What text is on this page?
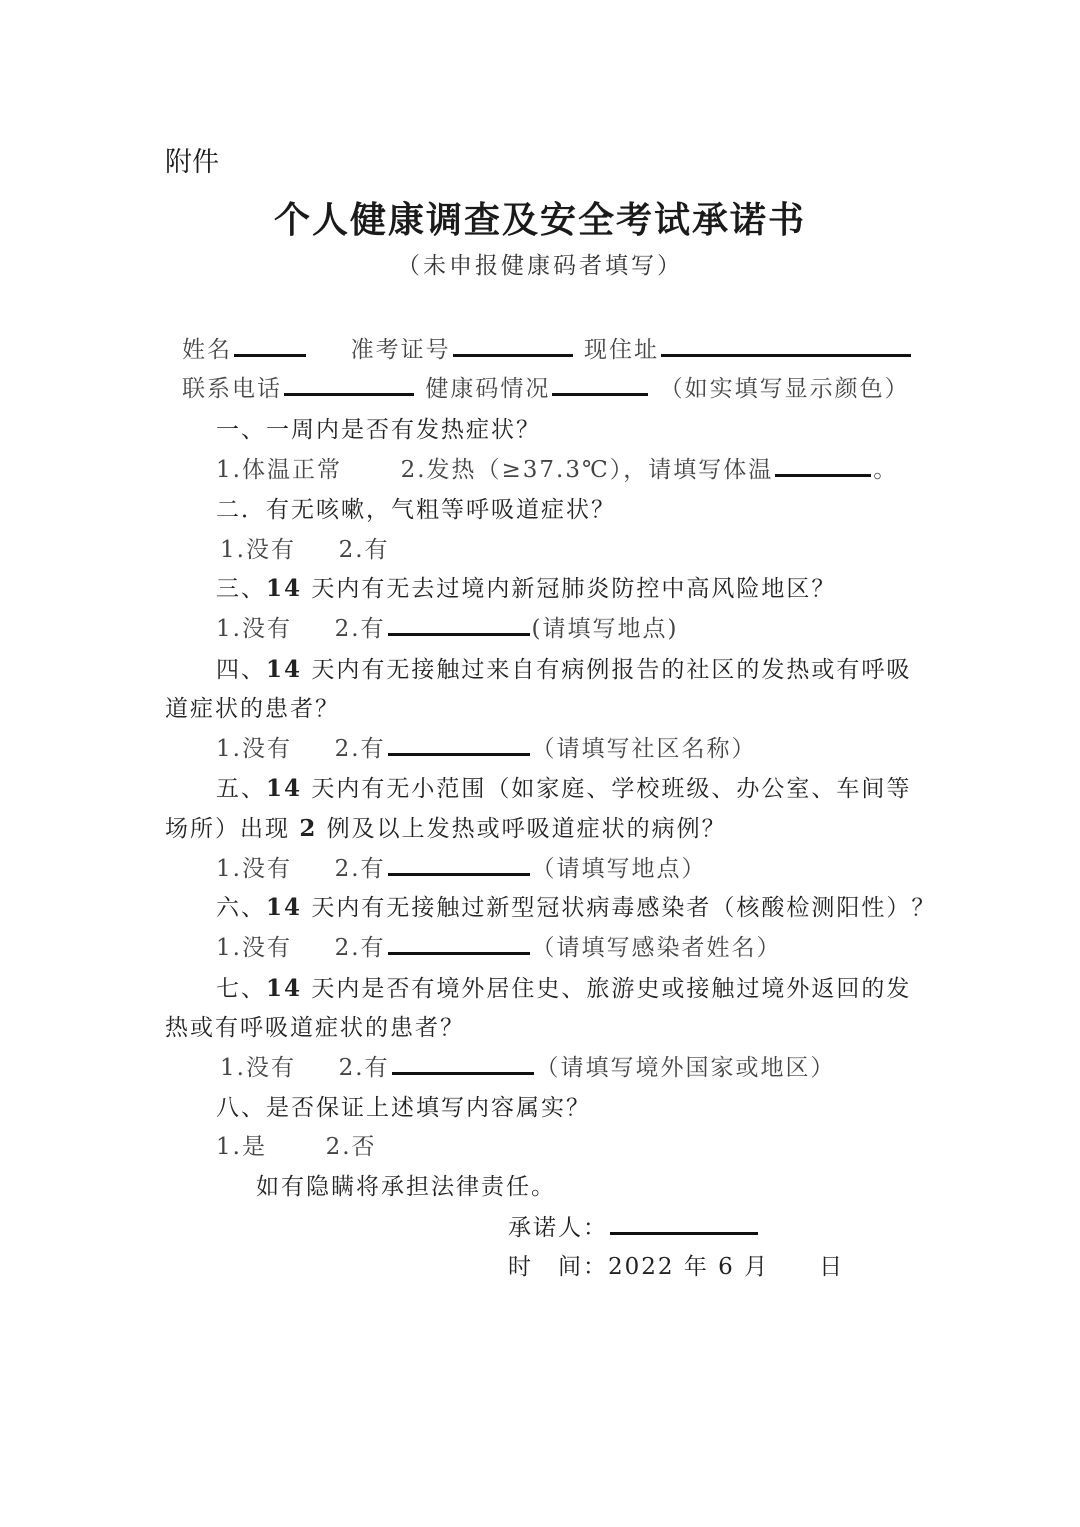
附件
个人健康调查及安全考试承诺书
（未申报健康码者填写）
姓名	准考证号	现住址
联系电话	健康码情况	（如实填写显示颜色）
一、一周内是否有发热症状？
1.体温正常	2.发热（≥37.3℃），请填写体温	。
二．有无咳嗽，气粗等呼吸道症状？
1.没有 2.有
三、14 天内有无去过境内新冠肺炎防控中高风险地区？
1.没有 2.有	(请填写地点)
四、14 天内有无接触过来自有病例报告的社区的发热或有呼吸
道症状的患者？
1.没有 2.有	（请填写社区名称）
五、14 天内有无小范围（如家庭、学校班级、办公室、车间等
场所）出现 2 例及以上发热或呼吸道症状的病例？
1.没有 2.有	（请填写地点）
六、14 天内有无接触过新型冠状病毒感染者（核酸检测阳性）？
1.没有 2.有	（请填写感染者姓名）
七、14 天内是否有境外居住史、旅游史或接触过境外返回的发
热或有呼吸道症状的患者？
1.没有 2.有	（请填写境外国家或地区）
八、是否保证上述填写内容属实？
1.是	2.否
如有隐瞒将承担法律责任。
承诺人：
时　间：2022 年 6 月　　日
